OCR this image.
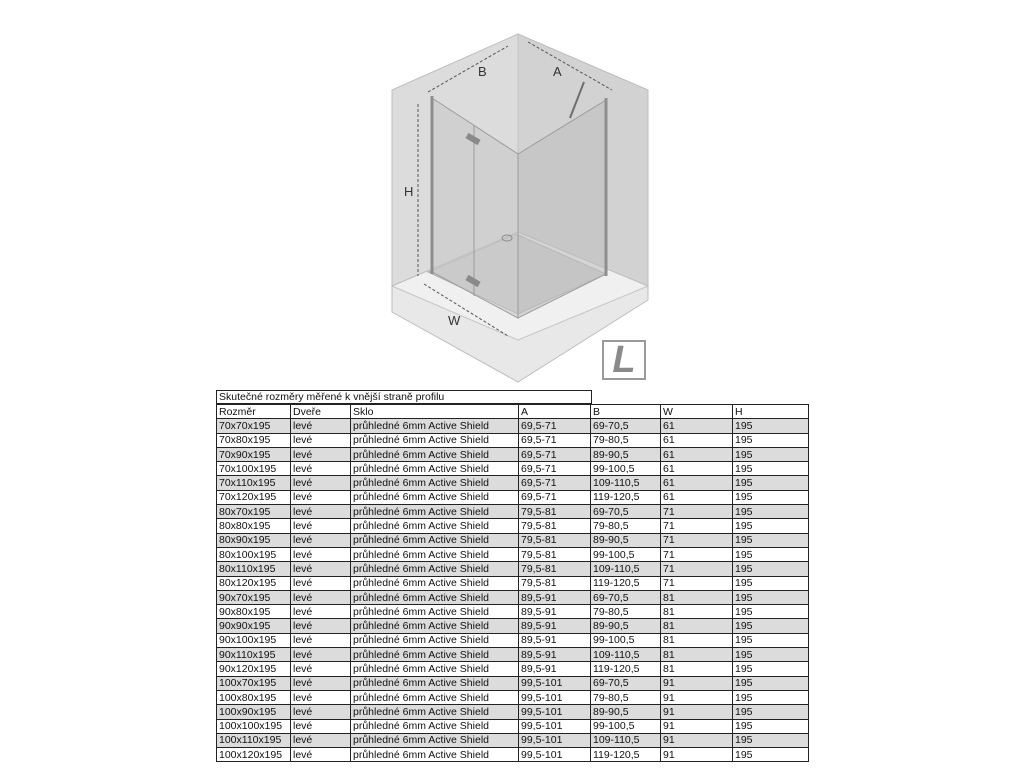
B	A
H
W
L
Skutečné rozměry měřené k vnější straně profilu
Rozměr	Dveře	Sklo	A	B	W	H
70x70x195	levé	průhledné 6mm Active Shield	69,5-71	69-70,5	61	195
70x80x195	levé	průhledné 6mm Active Shield	69,5-71	79-80,5	61	195
70x90x195	levé	průhledné 6mm Active Shield	69,5-71	89-90,5	61	195
70x100x195	levé	průhledné 6mm Active Shield	69,5-71	99-100,5	61	195
70x110x195	levé	průhledné 6mm Active Shield	69,5-71	109-110,5	61	195
70x120x195	levé	průhledné 6mm Active Shield	69,5-71	119-120,5	61	195
80x70x195	levé	průhledné 6mm Active Shield	79,5-81	69-70,5	71	195
80x80x195	levé	průhledné 6mm Active Shield	79,5-81	79-80,5	71	195
80x90x195	levé	průhledné 6mm Active Shield	79,5-81	89-90,5	71	195
80x100x195	levé	průhledné 6mm Active Shield	79,5-81	99-100,5	71	195
80x110x195	levé	průhledné 6mm Active Shield	79,5-81	109-110,5	71	195
80x120x195	levé	průhledné 6mm Active Shield	79,5-81	119-120,5	71	195
90x70x195	levé	průhledné 6mm Active Shield	89,5-91	69-70,5	81	195
90x80x195	levé	průhledné 6mm Active Shield	89,5-91	79-80,5	81	195
90x90x195	levé	průhledné 6mm Active Shield	89,5-91	89-90,5	81	195
90x100x195	levé	průhledné 6mm Active Shield	89,5-91	99-100,5	81	195
90x110x195	levé	průhledné 6mm Active Shield	89,5-91	109-110,5	81	195
90x120x195	levé	průhledné 6mm Active Shield	89,5-91	119-120,5	81	195
100x70x195	levé	průhledné 6mm Active Shield	99,5-101	69-70,5	91	195
100x80x195	levé	průhledné 6mm Active Shield	99,5-101	79-80,5	91	195
100x90x195	levé	průhledné 6mm Active Shield	99,5-101	89-90,5	91	195
100x100x195	levé	průhledné 6mm Active Shield	99,5-101	99-100,5	91	195
100x110x195	levé	průhledné 6mm Active Shield	99,5-101	109-110,5	91	195
100x120x195	levé	průhledné 6mm Active Shield	99,5-101	119-120,5	91	195
